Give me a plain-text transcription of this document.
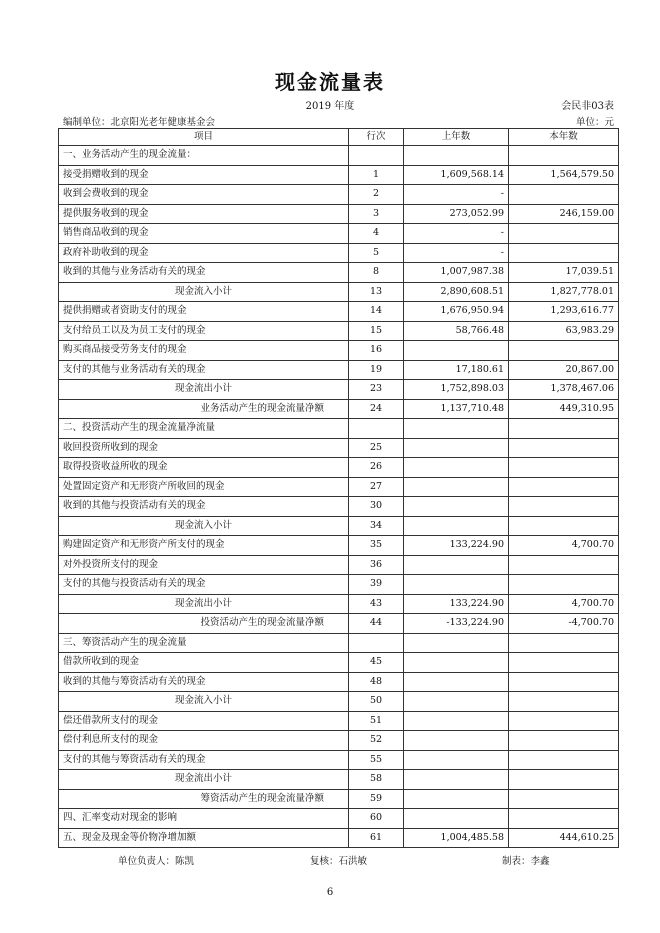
现金流量表
2019 年度	会民非03表
编制单位：北京阳光老年健康基金会	单位：元
项目	行次	上年数	本年数
一、业务活动产生的现金流量：			
接受捐赠收到的现金	1	1,609,568.14	1,564,579.50
收到会费收到的现金	2	-	
提供服务收到的现金	3	273,052.99	246,159.00
销售商品收到的现金	4	-	
政府补助收到的现金	5	-	
收到的其他与业务活动有关的现金	8	1,007,987.38	17,039.51
现金流入小计	13	2,890,608.51	1,827,778.01
提供捐赠或者资助支付的现金	14	1,676,950.94	1,293,616.77
支付给员工以及为员工支付的现金	15	58,766.48	63,983.29
购买商品接受劳务支付的现金	16		
支付的其他与业务活动有关的现金	19	17,180.61	20,867.00
现金流出小计	23	1,752,898.03	1,378,467.06
业务活动产生的现金流量净额	24	1,137,710.48	449,310.95
二、投资活动产生的现金流量净流量			
收回投资所收到的现金	25		
取得投资收益所收的现金	26		
处置固定资产和无形资产所收回的现金	27		
收到的其他与投资活动有关的现金	30		
现金流入小计	34		
购建固定资产和无形资产所支付的现金	35	133,224.90	4,700.70
对外投资所支付的现金	36		
支付的其他与投资活动有关的现金	39		
现金流出小计	43	133,224.90	4,700.70
投资活动产生的现金流量净额	44	-133,224.90	-4,700.70
三、筹资活动产生的现金流量			
借款所收到的现金	45		
收到的其他与筹资活动有关的现金	48		
现金流入小计	50		
偿还借款所支付的现金	51		
偿付利息所支付的现金	52		
支付的其他与筹资活动有关的现金	55		
现金流出小计	58		
筹资活动产生的现金流量净额	59		
四、汇率变动对现金的影响	60		
五、现金及现金等价物净增加额	61	1,004,485.58	444,610.25
单位负责人：陈凯	复核：石洪敏	制表：李鑫
6
